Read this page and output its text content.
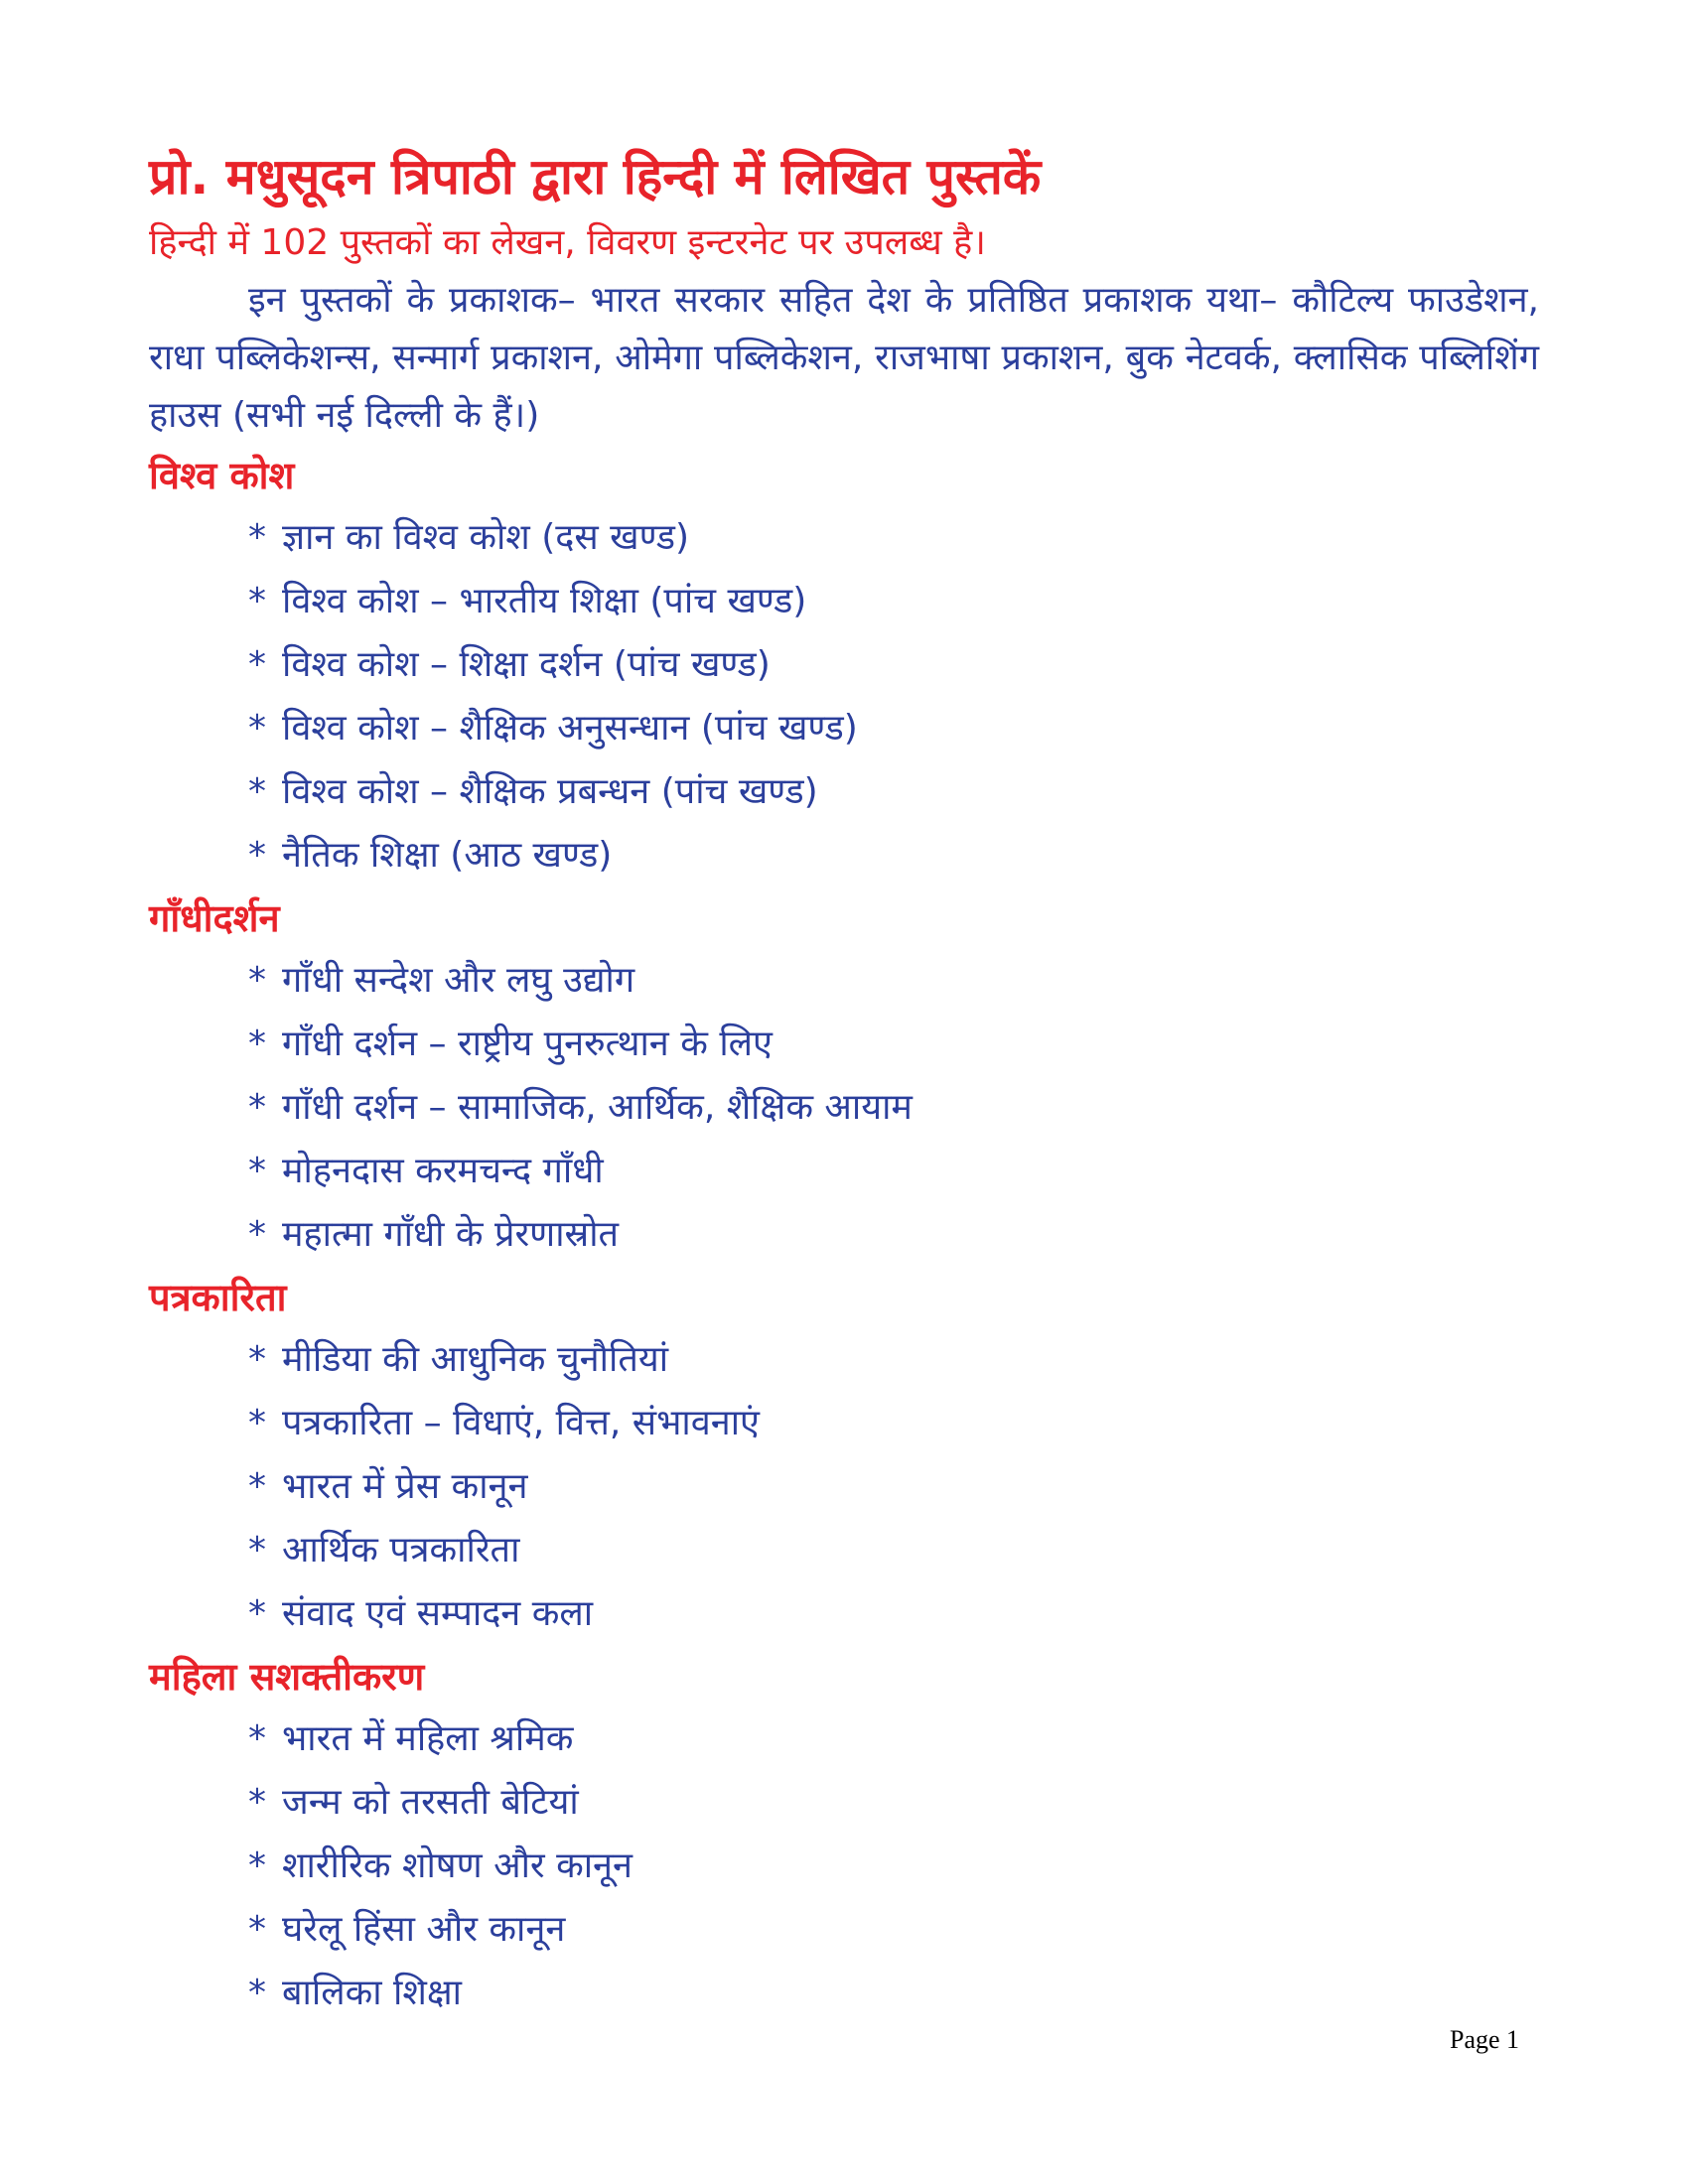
प्रो. मधुसूदन त्रिपाठी द्वारा हिन्दी में लिखित पुस्तकें

हिन्दी में 102 पुस्तकों का लेखन, विवरण इन्टरनेट पर उपलब्ध है।

इन पुस्तकों के प्रकाशक– भारत सरकार सहित देश के प्रतिष्ठित प्रकाशक यथा– कौटिल्य फाउडेशन, राधा पब्लिकेशन्स, सन्मार्ग प्रकाशन, ओमेगा पब्लिकेशन, राजभाषा प्रकाशन, बुक नेटवर्क, क्लासिक पब्लिशिंग हाउस (सभी नई दिल्ली के हैं।)

विश्व कोश
* ज्ञान का विश्व कोश (दस खण्ड)
* विश्व कोश – भारतीय शिक्षा (पांच खण्ड)
* विश्व कोश – शिक्षा दर्शन (पांच खण्ड)
* विश्व कोश – शैक्षिक अनुसन्धान (पांच खण्ड)
* विश्व कोश – शैक्षिक प्रबन्धन (पांच खण्ड)
* नैतिक शिक्षा (आठ खण्ड)
गाँधीदर्शन
* गाँधी सन्देश और लघु उद्योग
* गाँधी दर्शन – राष्ट्रीय पुनरुत्थान के लिए
* गाँधी दर्शन – सामाजिक, आर्थिक, शैक्षिक आयाम
* मोहनदास करमचन्द गाँधी
* महात्मा गाँधी के प्रेरणास्रोत
पत्रकारिता
* मीडिया की आधुनिक चुनौतियां
* पत्रकारिता – विधाएं, वित्त, संभावनाएं
* भारत में प्रेस कानून
* आर्थिक पत्रकारिता
* संवाद एवं सम्पादन कला
महिला सशक्तीकरण
* भारत में महिला श्रमिक
* जन्म को तरसती बेटियां
* शारीरिक शोषण और कानून
* घरेलू हिंसा और कानून
* बालिका शिक्षा
Page 1
